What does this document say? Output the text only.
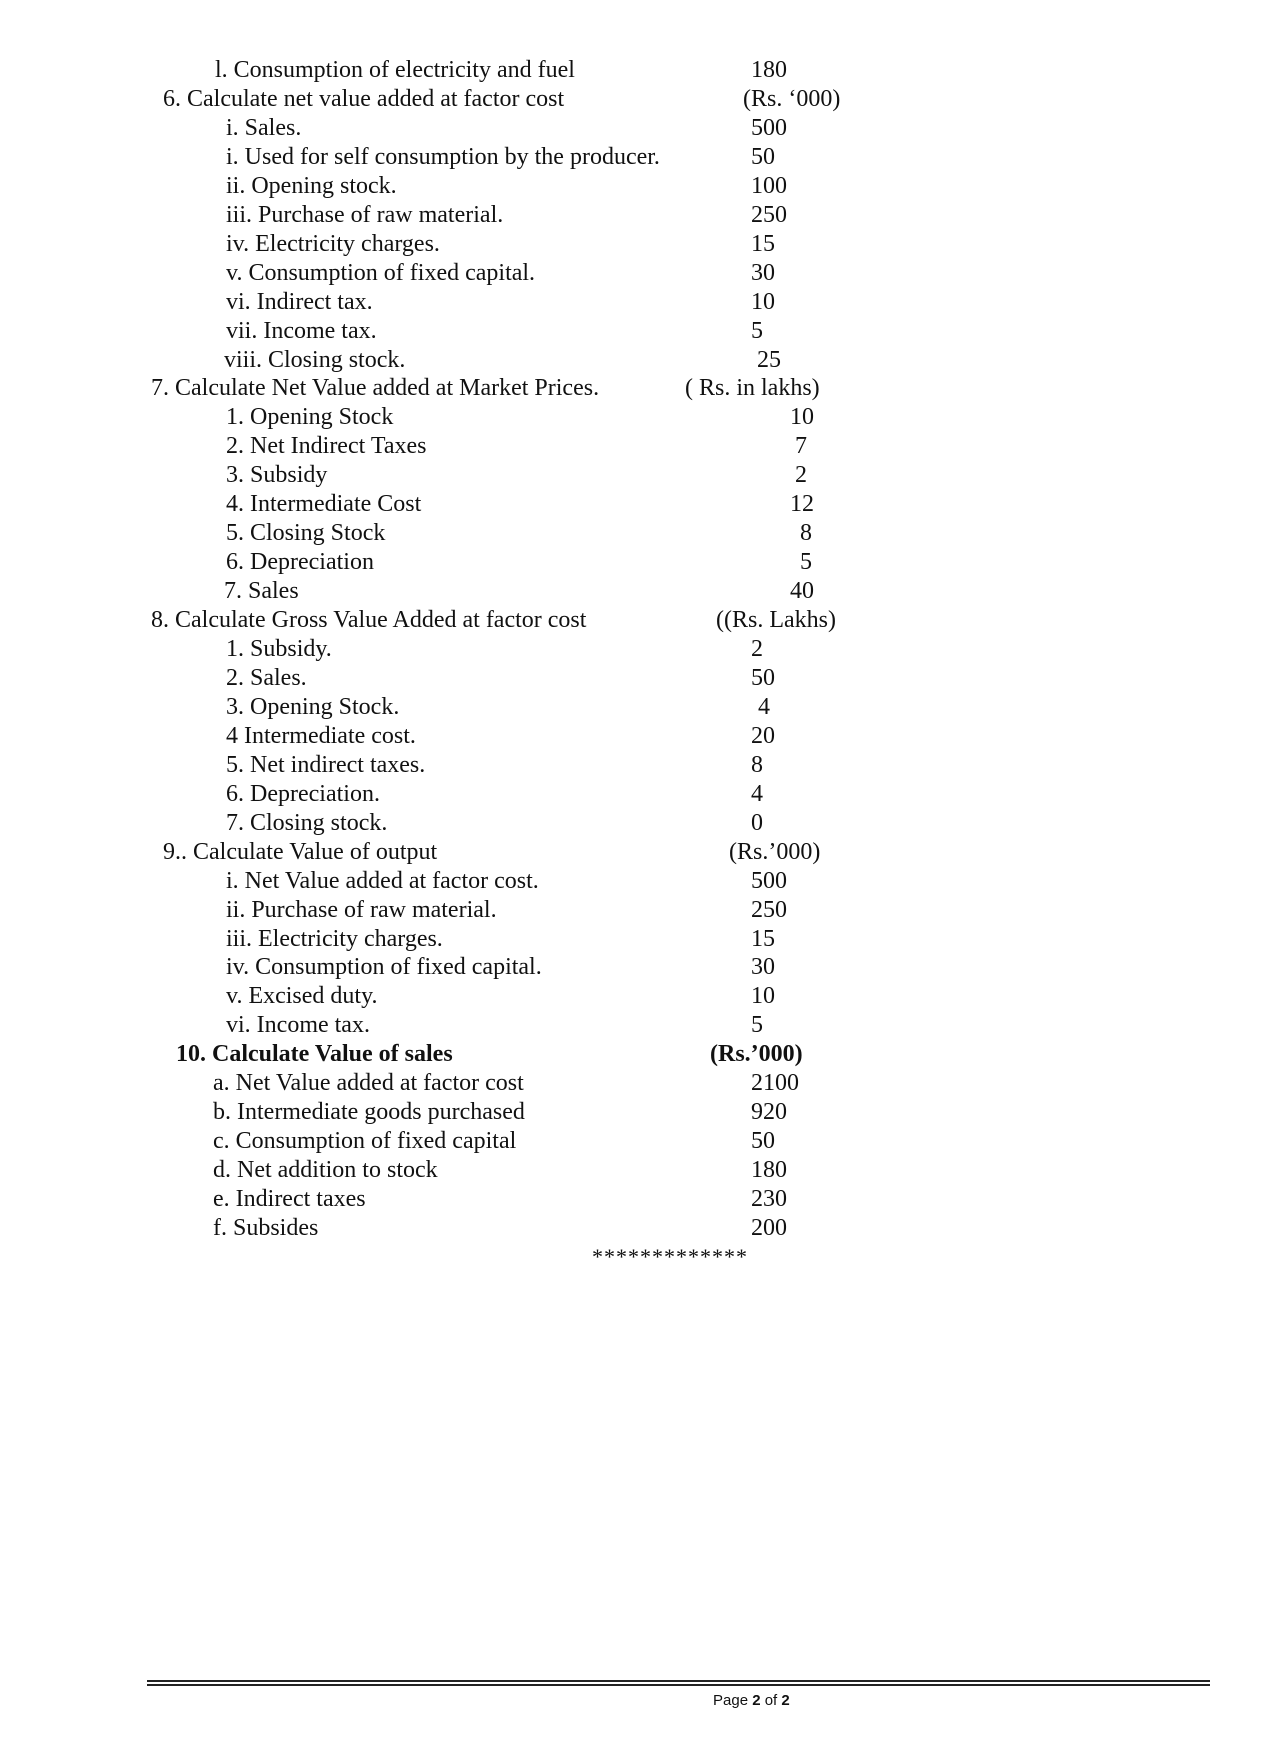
l. Consumption of electricity and fuel	180
6. Calculate net value added at factor cost	(Rs. ‘000)
i. Sales.	500
i. Used for self consumption by the producer.	50
ii. Opening stock.	100
iii. Purchase of raw material.	250
iv. Electricity charges.	15
v. Consumption of fixed capital.	30
vi. Indirect tax.	10
vii. Income tax.	5
viii. Closing stock.	25
7. Calculate Net Value added at Market Prices.	( Rs. in lakhs)
1. Opening Stock	10
2. Net Indirect Taxes	7
3. Subsidy	2
4. Intermediate Cost	12
5. Closing Stock	8
6. Depreciation	5
7. Sales	40
8. Calculate Gross Value Added at factor cost	((Rs. Lakhs)
1. Subsidy.	2
2. Sales.	50
3. Opening Stock.	4
4 Intermediate cost.	20
5. Net indirect taxes.	8
6. Depreciation.	4
7. Closing stock.	0
9.. Calculate Value of output	(Rs.’000)
i. Net Value added at factor cost.	500
ii. Purchase of raw material.	250
iii. Electricity charges.	15
iv. Consumption of fixed capital.	30
v. Excised duty.	10
vi. Income tax.	5
10. Calculate Value of sales	(Rs.’000)
a. Net Value added at factor cost	2100
b. Intermediate goods purchased	920
c. Consumption of fixed capital	50
d. Net addition to stock	180
e. Indirect taxes	230
f. Subsides	200
*************
Page 2 of 2
